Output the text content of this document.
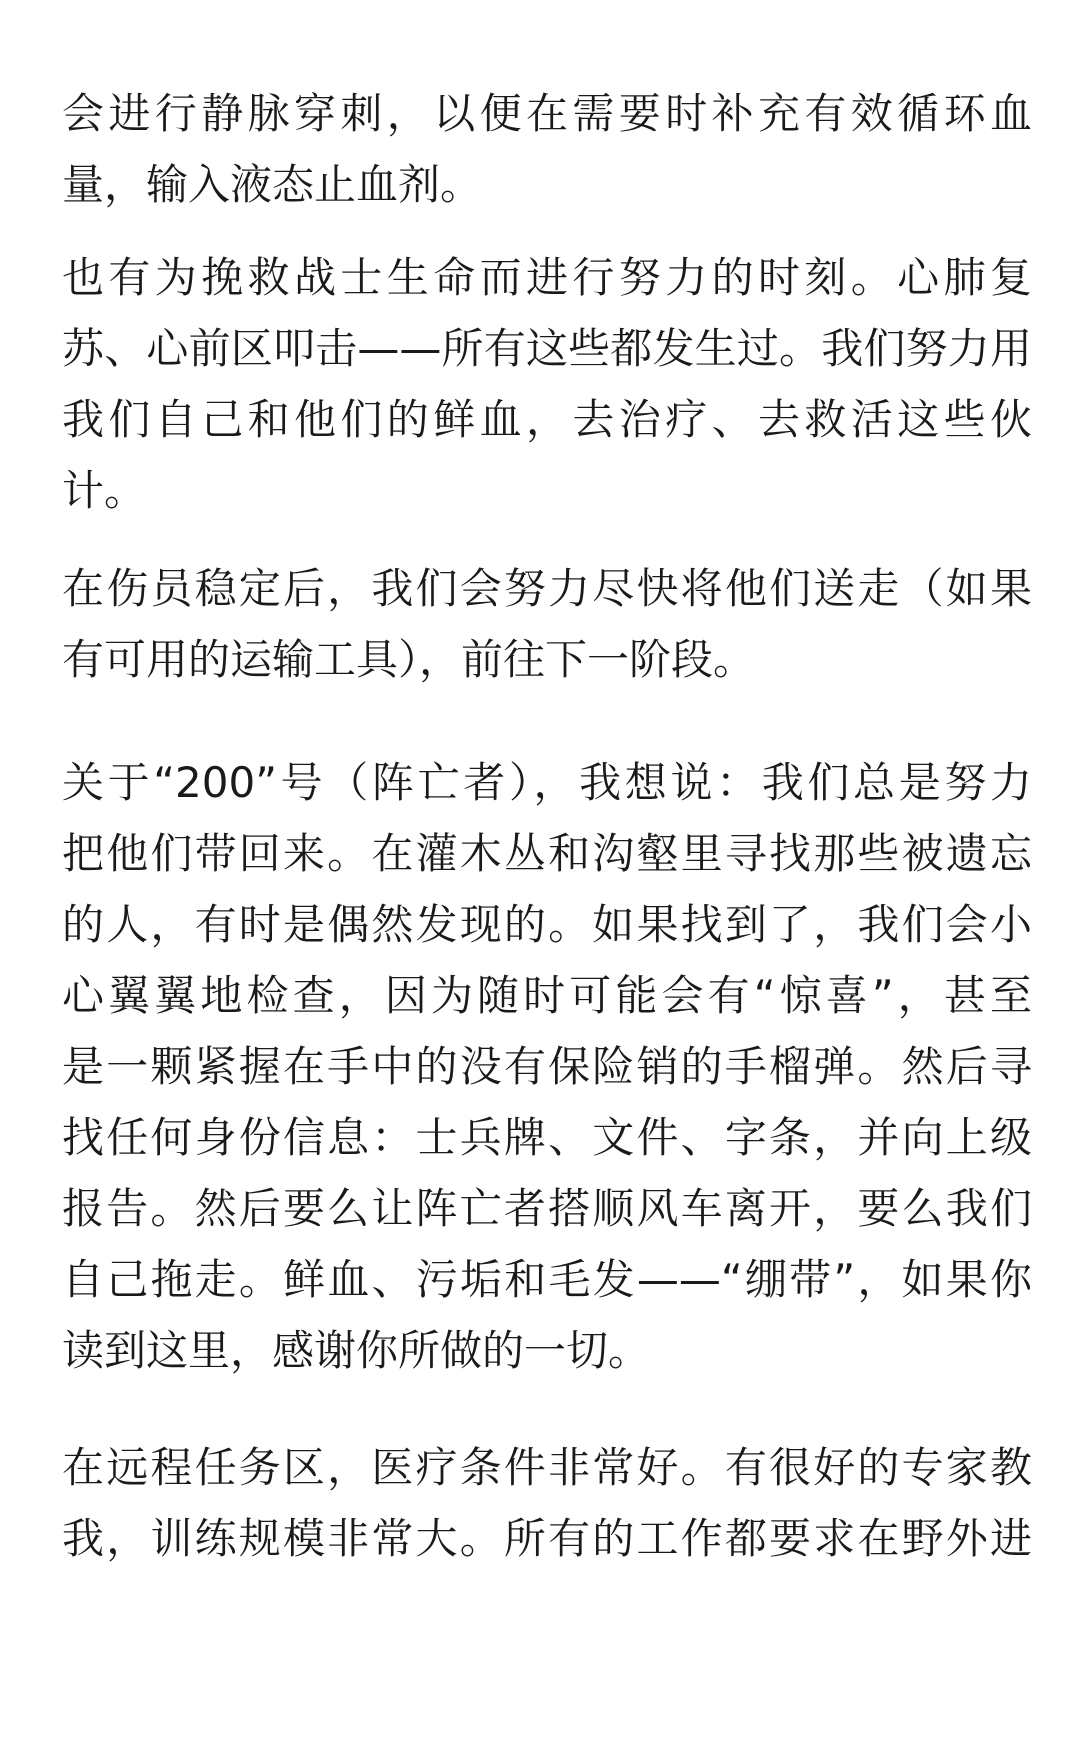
会进行静脉穿刺，以便在需要时补充有效循环血
量，输入液态止血剂。
也有为挽救战士生命而进行努力的时刻。心肺复
苏、心前区叩击——所有这些都发生过。我们努力用
我们自己和他们的鲜血，去治疗、去救活这些伙
计。
在伤员稳定后，我们会努力尽快将他们送走（如果
有可用的运输工具），前往下一阶段。
关于“200”号（阵亡者），我想说：我们总是努力
把他们带回来。在灌木丛和沟壑里寻找那些被遗忘
的人，有时是偶然发现的。如果找到了，我们会小
心翼翼地检查，因为随时可能会有“惊喜”，甚至
是一颗紧握在手中的没有保险销的手榴弹。然后寻
找任何身份信息：士兵牌、文件、字条，并向上级
报告。然后要么让阵亡者搭顺风车离开，要么我们
自己拖走。鲜血、污垢和毛发——“绷带”，如果你
读到这里，感谢你所做的一切。
在远程任务区，医疗条件非常好。有很好的专家教
我，训练规模非常大。所有的工作都要求在野外进
